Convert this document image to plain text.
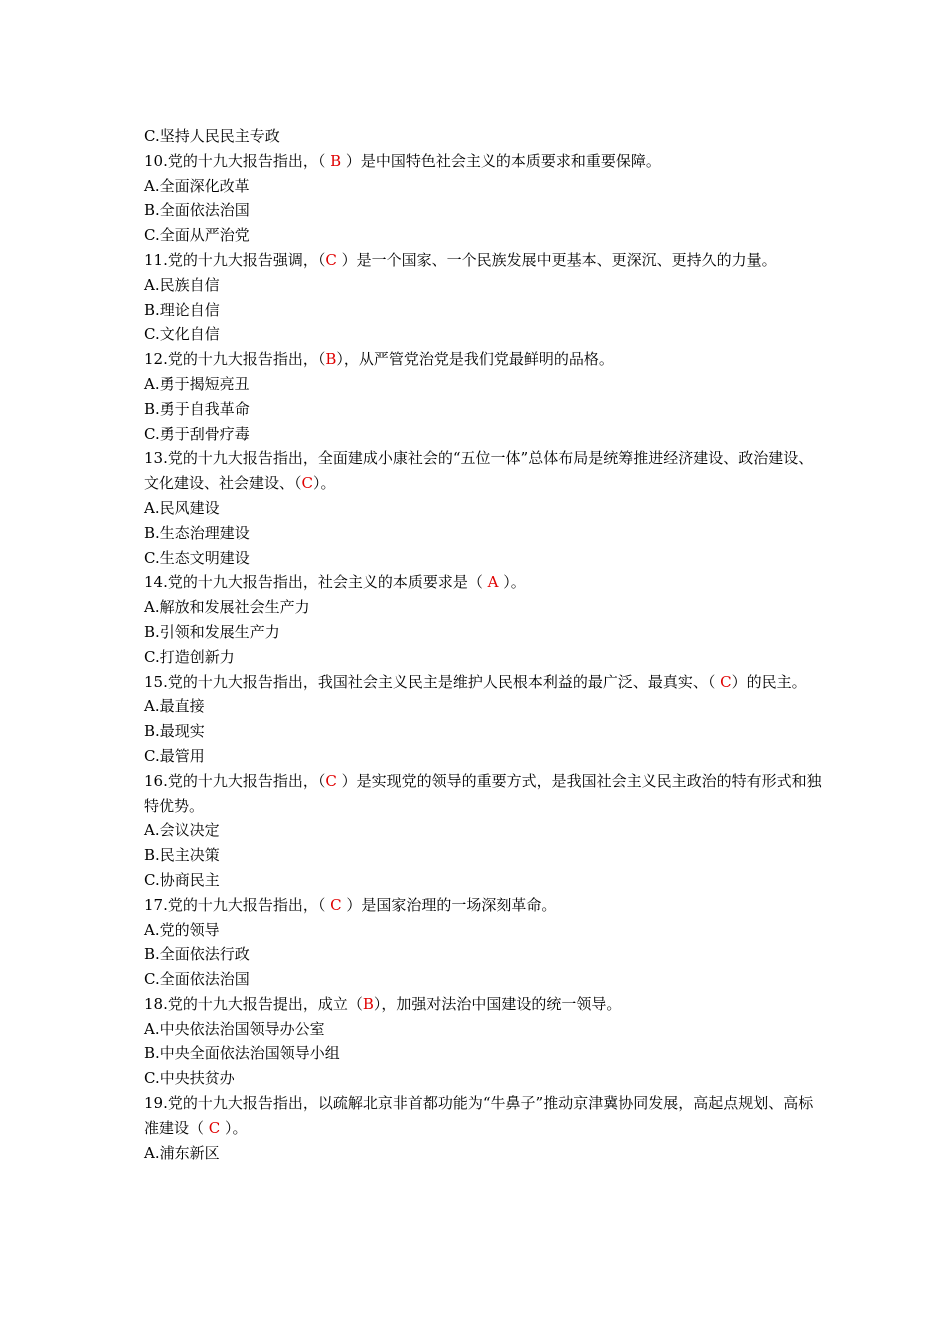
C.坚持人民民主专政
10.党的十九大报告指出，（ B ）是中国特色社会主义的本质要求和重要保障。
A.全面深化改革
B.全面依法治国
C.全面从严治党
11.党的十九大报告强调，（C ）是一个国家、一个民族发展中更基本、更深沉、更持久的力量。
A.民族自信
B.理论自信
C.文化自信
12.党的十九大报告指出，（B），从严管党治党是我们党最鲜明的品格。
A.勇于揭短亮丑
B.勇于自我革命
C.勇于刮骨疗毒
13.党的十九大报告指出，全面建成小康社会的“五位一体”总体布局是统筹推进经济建设、政治建设、文化建设、社会建设、（C）。
A.民风建设
B.生态治理建设
C.生态文明建设
14.党的十九大报告指出，社会主义的本质要求是（ A ）。
A.解放和发展社会生产力
B.引领和发展生产力
C.打造创新力
15.党的十九大报告指出，我国社会主义民主是维护人民根本利益的最广泛、最真实、（ C）的民主。
A.最直接
B.最现实
C.最管用
16.党的十九大报告指出，（C ）是实现党的领导的重要方式，是我国社会主义民主政治的特有形式和独特优势。
A.会议决定
B.民主决策
C.协商民主
17.党的十九大报告指出，（ C ）是国家治理的一场深刻革命。
A.党的领导
B.全面依法行政
C.全面依法治国
18.党的十九大报告提出，成立（B），加强对法治中国建设的统一领导。
A.中央依法治国领导办公室
B.中央全面依法治国领导小组
C.中央扶贫办
19.党的十九大报告指出，以疏解北京非首都功能为“牛鼻子”推动京津冀协同发展，高起点规划、高标准建设（ C ）。
A.浦东新区
